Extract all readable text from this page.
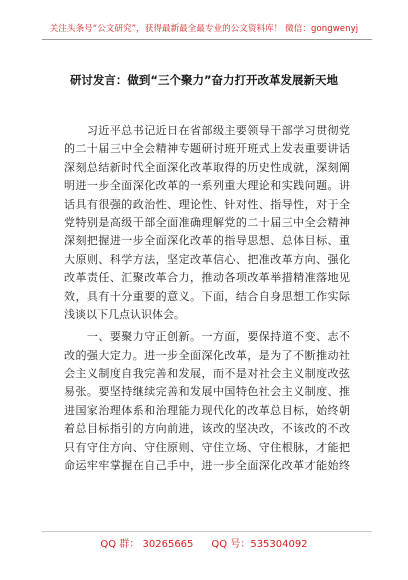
关注头条号“公文研究”，获得最新最全最专业的公文资料库！ 微信：gongwenyj
研讨发言：做到“三个聚力”奋力打开改革发展新天地
　　习近平总书记近日在省部级主要领导干部学习贯彻党
的二十届三中全会精神专题研讨班开班式上发表重要讲话
深刻总结新时代全面深化改革取得的历史性成就，深刻阐
明进一步全面深化改革的一系列重大理论和实践问题。讲
话具有很强的政治性、理论性、针对性、指导性，对于全
党特别是高级干部全面准确理解党的二十届三中全会精神
深刻把握进一步全面深化改革的指导思想、总体目标、重
大原则、科学方法，坚定改革信心、把准改革方向、强化
改革责任、汇聚改革合力，推动各项改革举措精准落地见
效，具有十分重要的意义。下面，结合自身思想工作实际
浅谈以下几点认识体会。
　　一、要聚力守正创新。一方面，要保持道不变、志不
改的强大定力。进一步全面深化改革，是为了不断推动社
会主义制度自我完善和发展，而不是对社会主义制度改弦
易张。要坚持继续完善和发展中国特色社会主义制度、推
进国家治理体系和治理能力现代化的改革总目标，始终朝
着总目标指引的方向前进，该改的坚决改，不该改的不改
只有守住方向、守住原则、守住立场、守住根脉，才能把
命运牢牢掌握在自己手中，进一步全面深化改革才能始终
QQ 群： 30265665 QQ 号：535304092
